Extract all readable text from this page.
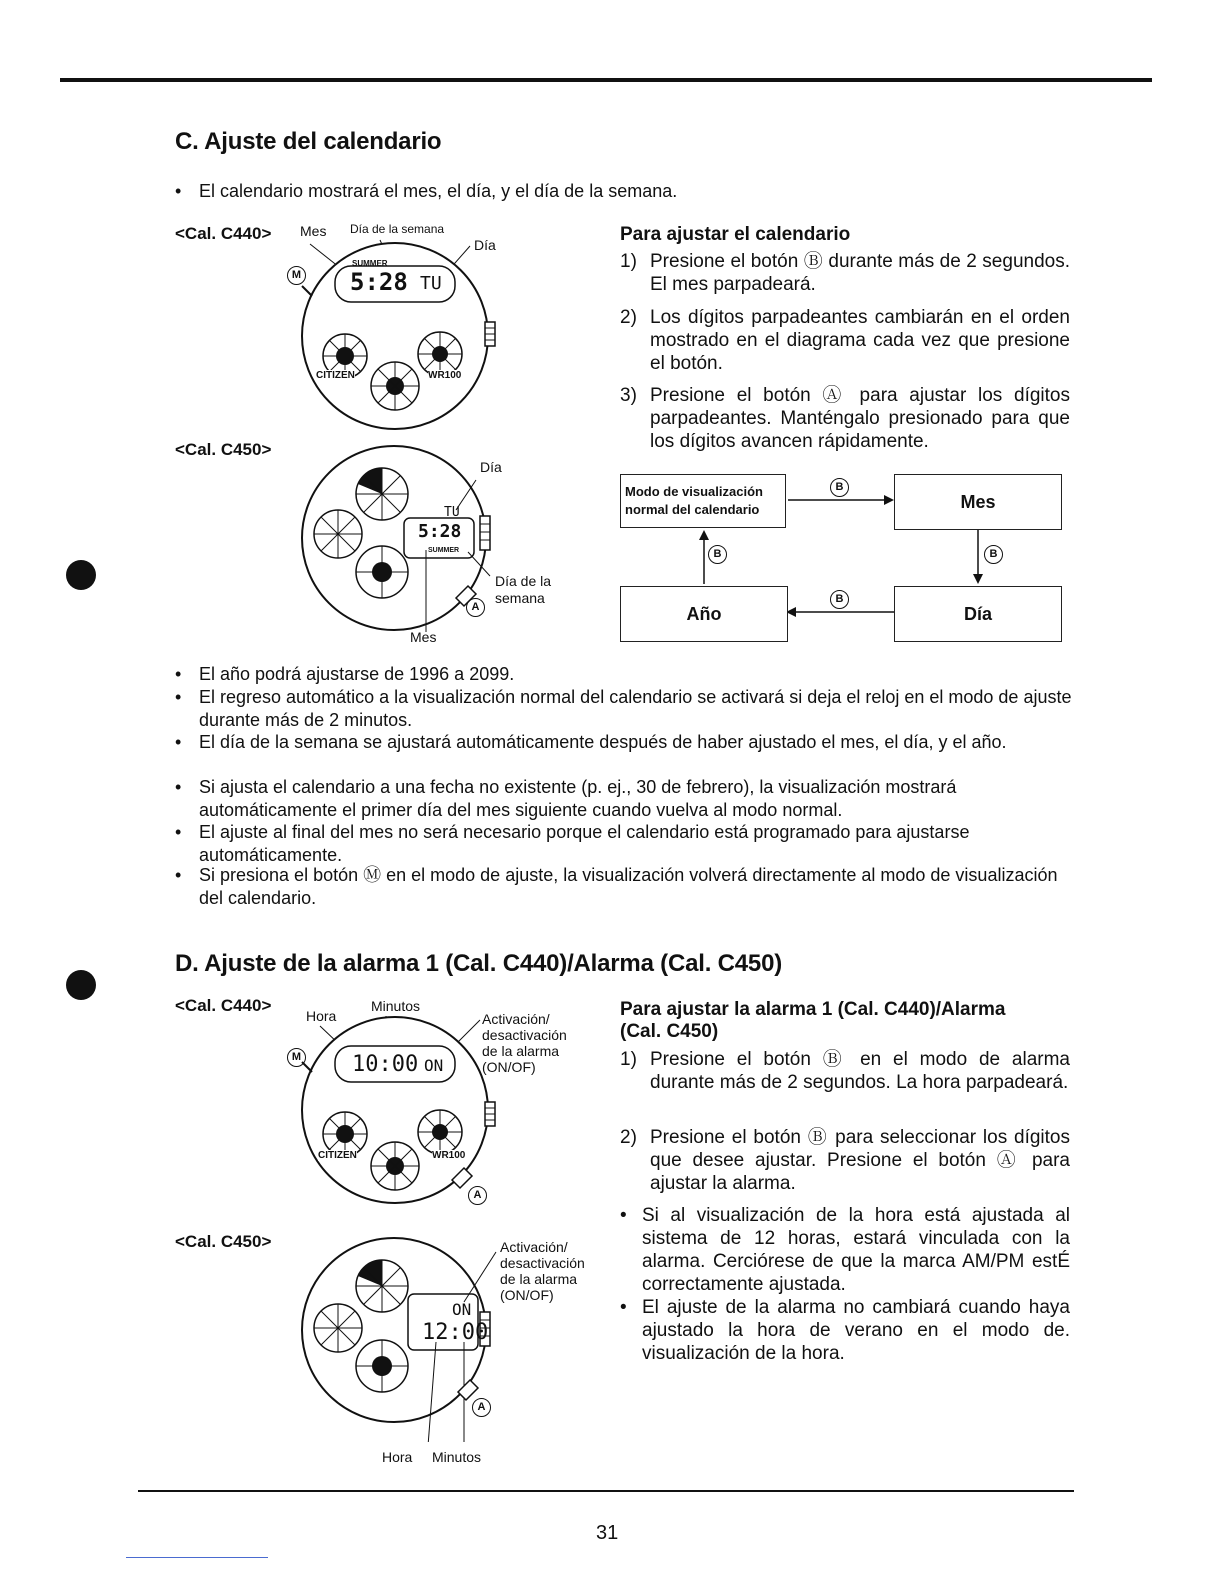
C. Ajuste del calendario
• El calendario mostrará el mes, el día, y el día de la semana.
<Cal. C440>
<Cal. C450>
Mes Día de la semana
Día
SUMMER
5:28 TU
M
CITIZEN	WR100
TU
5:28
SUMMER
Día
Día de la
semana
Mes
A
Para ajustar el calendario
1) Presione el botón Ⓑ durante más de 2 segundos. El mes parpadeará.
2) Los dígitos parpadeantes cambiarán en el orden mostrado en el diagrama cada vez que presione el botón.
3) Presione el botón Ⓐ para ajustar los dígitos parpadeantes. Manténgalo presionado para que los dígitos avancen rápidamente.
Modo de visualización
normal del calendario	Mes
Año	Día
B
B
B
B
• El año podrá ajustarse de 1996 a 2099.
• El regreso automático a la visualización normal del calendario se activará si deja el reloj en el modo de ajuste durante más de 2 minutos.
• El día de la semana se ajustará automáticamente después de haber ajustado el mes, el día, y el año.
• Si ajusta el calendario a una fecha no existente (p. ej., 30 de febrero), la visualización mostrará automáticamente el primer día del mes siguiente cuando vuelva al modo normal.
• El ajuste al final del mes no será necesario porque el calendario está programado para ajustarse automáticamente.
• Si presiona el botón Ⓜ en el modo de ajuste, la visualización volverá directamente al modo de visualización del calendario.
D. Ajuste de la alarma 1 (Cal. C440)/Alarma (Cal. C450)
<Cal. C440>
<Cal. C450>
Hora
Minutos
Activación/
desactivación
de la alarma
(ON/OF)
10:00 ON
M
A
CITIZEN	WR100
ON
12:00
A
Activación/
desactivación
de la alarma
(ON/OF)
Hora Minutos
Para ajustar la alarma 1 (Cal. C440)/Alarma
(Cal. C450)
1) Presione el botón Ⓑ en el modo de alarma durante más de 2 segundos. La hora parpadeará.
2) Presione el botón Ⓑ para seleccionar los dígitos que desee ajustar. Presione el botón Ⓐ para ajustar la alarma.
• Si al visualización de la hora está ajustada al sistema de 12 horas, estará vinculada con la alarma. Cerciórese de que la marca AM/PM estÉ correctamente ajustada.
• El ajuste de la alarma no cambiará cuando haya ajustado la hora de verano en el modo de. visualización de la hora.
31
